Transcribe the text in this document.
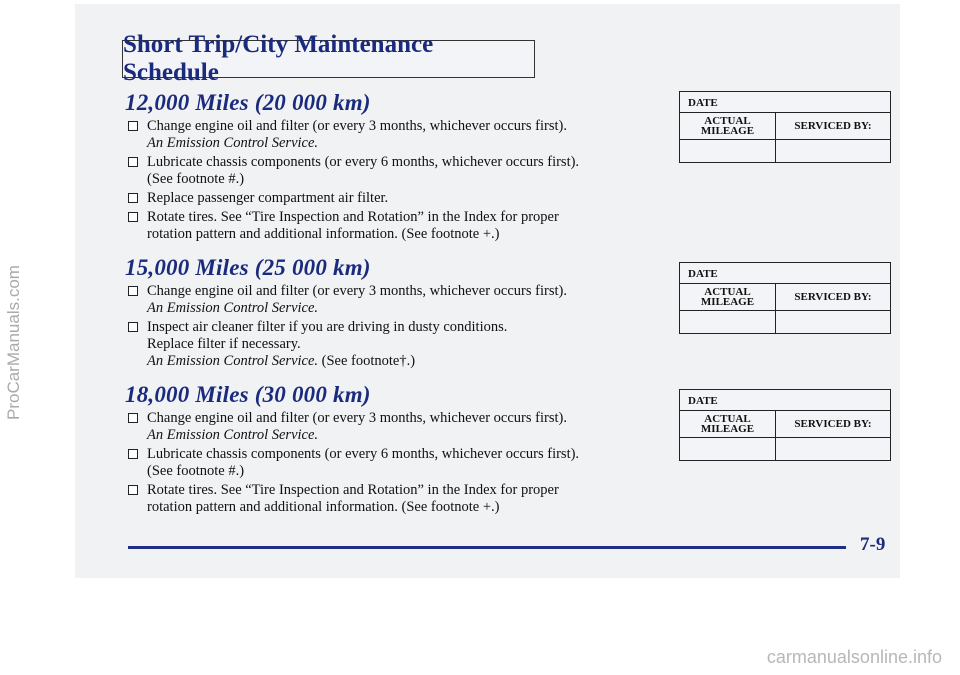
ProCarManuals.com
carmanualsonline.info
Short Trip/City Maintenance Schedule
12,000 Miles (20 000 km)
Change engine oil and filter (or every 3 months, whichever occurs first).
An Emission Control Service.
Lubricate chassis components (or every 6 months, whichever occurs first).
(See footnote #.)
Replace passenger compartment air filter.
Rotate tires. See “Tire Inspection and Rotation” in the Index for proper
rotation pattern and additional information. (See footnote +.)
15,000 Miles (25 000 km)
Change engine oil and filter (or every 3 months, whichever occurs first).
An Emission Control Service.
Inspect air cleaner filter if you are driving in dusty conditions.
Replace filter if necessary.
An Emission Control Service. (See footnote†.)
18,000 Miles (30 000 km)
Change engine oil and filter (or every 3 months, whichever occurs first).
An Emission Control Service.
Lubricate chassis components (or every 6 months, whichever occurs first).
(See footnote #.)
Rotate tires. See “Tire Inspection and Rotation” in the Index for proper
rotation pattern and additional information. (See footnote +.)
DATE
ACTUAL
MILEAGE	SERVICED BY:
DATE
ACTUAL
MILEAGE	SERVICED BY:
DATE
ACTUAL
MILEAGE	SERVICED BY:
7-9
